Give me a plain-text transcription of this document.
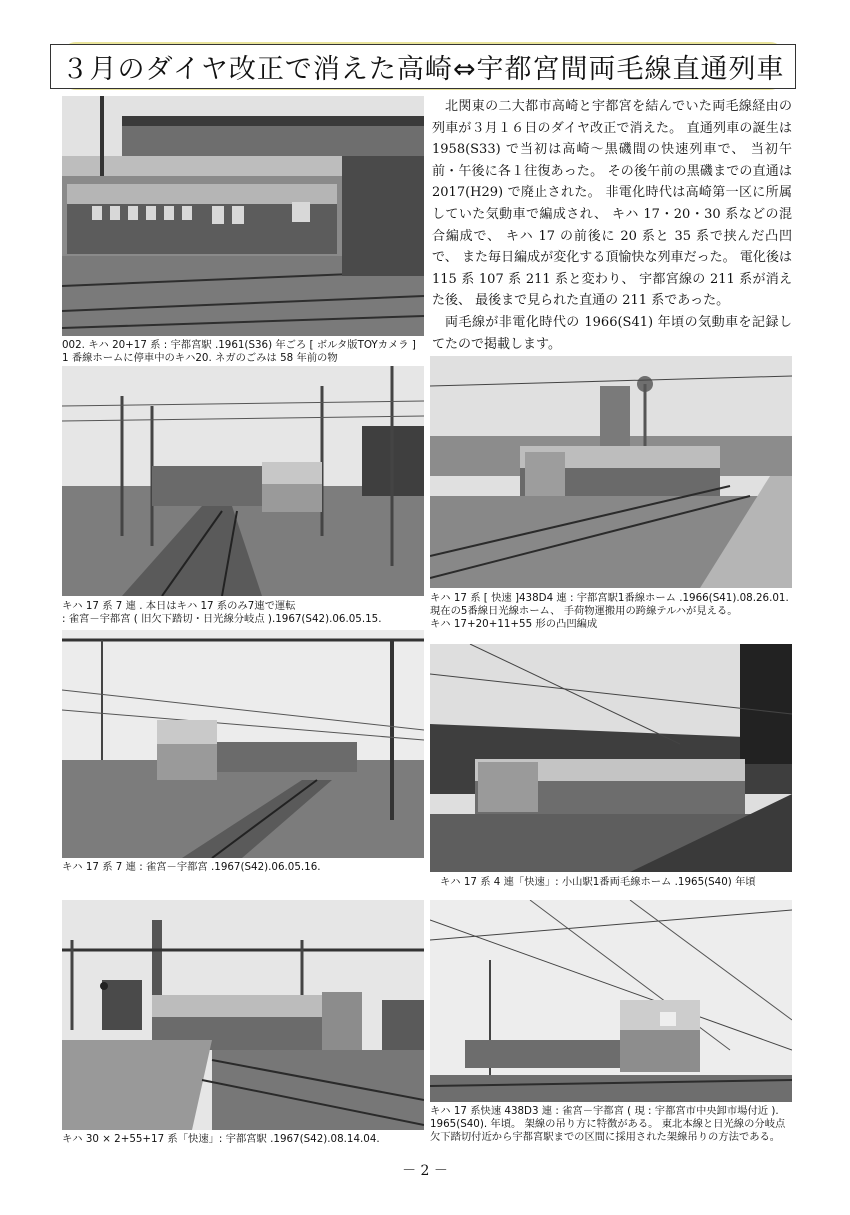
３月のダイヤ改正で消えた高崎⇔宇都宮間両毛線直通列車
002. キハ 20+17 系 : 宇都宮駅 .1961(S36) 年ごろ [ ボルタ版TOYカメラ ]
1 番線ホームに停車中のキハ20. ネガのごみは 58 年前の物

北関東の二大都市高崎と宇都宮を結んでいた両毛線経由の列車が３月１６日のダイヤ改正で消えた。 直通列車の誕生は 1958(S33) で当初は高崎〜黒磯間の快速列車で、 当初午前・午後に各１往復あった。 その後午前の黒磯までの直通は 2017(H29) で廃止された。 非電化時代は高崎第一区に所属していた気動車で編成され、 キハ 17・20・30 系などの混合編成で、 キハ 17 の前後に 20 系と 35 系で挟んだ凸凹で、 また毎日編成が変化する頂愉快な列車だった。 電化後は 115 系 107 系 211 系と変わり、 宇都宮線の 211 系が消えた後、 最後まで見られた直通の 211 系であった。

両毛線が非電化時代の 1966(S41) 年頃の気動車を記録してたので掲載します。

キハ 17 系 7 連 . 本日はキハ 17 系のみ7連で運転
: 雀宮－宇都宮 ( 旧欠下踏切・日光線分岐点 ).1967(S42).06.05.15.
キハ 17 系 [ 快速 ]438D4 連 : 宇都宮駅1番線ホーム .1966(S41).08.26.01.
現在の5番線日光線ホーム、 手荷物運搬用の跨線テルハが見える。
キハ 17+20+11+55 形の凸凹編成
キハ 17 系 7 連 : 雀宮－宇都宮 .1967(S42).06.05.16.
キハ 17 系 4 連「快速」: 小山駅1番両毛線ホーム .1965(S40) 年頃
キハ 30 × 2+55+17 系「快速」: 宇都宮駅 .1967(S42).08.14.04.
キハ 17 系快速 438D3 連 : 雀宮－宇都宮 ( 現 : 宇都宮市中央卸市場付近 ).
1965(S40). 年頃。 架線の吊り方に特徴がある。 東北本線と日光線の分岐点
欠下踏切付近から宇都宮駅までの区間に採用された架線吊りの方法である。
－ 2 －
